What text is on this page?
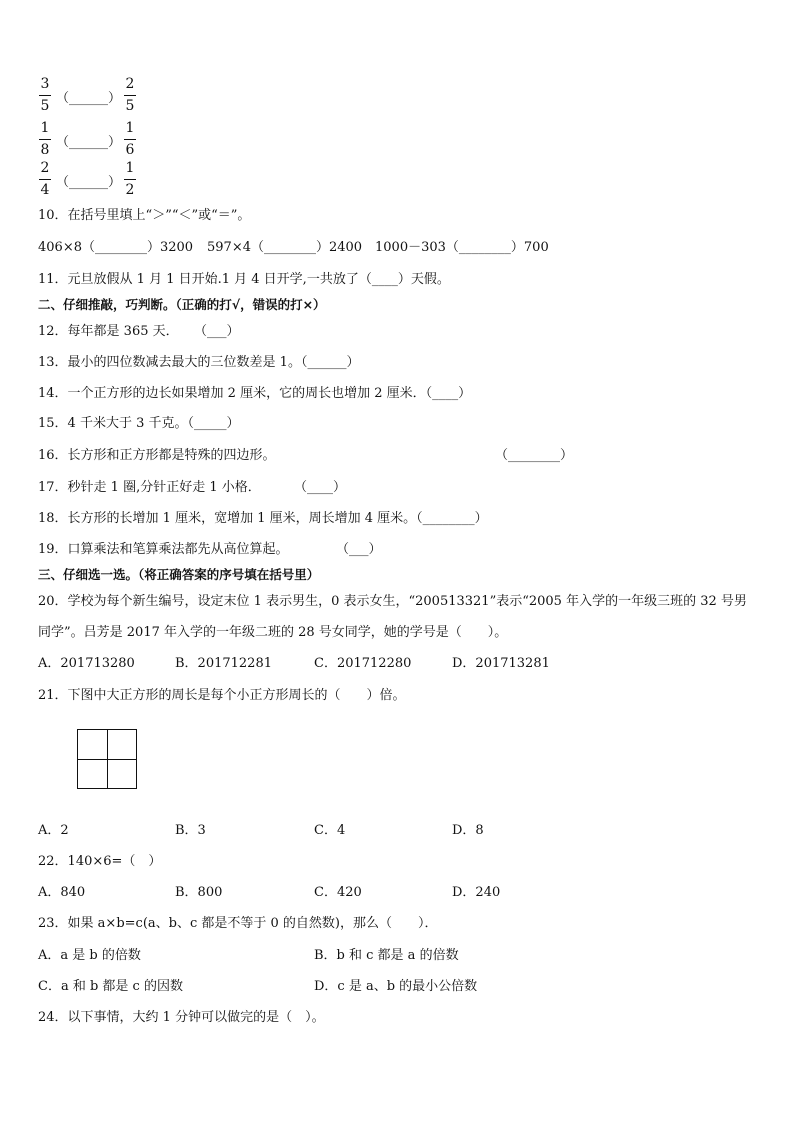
3
5 （______）
2
5
1
8 （______）
1
6
2
4 （______）
1
2
10．在括号里填上“＞”“＜”或“＝”。
406×8（________）3200 597×4（________）2400 1000－303（________）700
11．元旦放假从 1 月 1 日开始.1 月 4 日开学,一共放了（____）天假。
二、仔细推敲，巧判断。（正确的打√，错误的打×）
12．每年都是 365 天． （___）
13．最小的四位数减去最大的三位数差是 1。（______）
14．一个正方形的边长如果增加 2 厘米，它的周长也增加 2 厘米．（____）
15．4 千米大于 3 千克。（_____）
16．长方形和正方形都是特殊的四边形。	（________）
17．秒针走 1 圈,分针正好走 1 小格．	（____）
18．长方形的长增加 1 厘米，宽增加 1 厘米，周长增加 4 厘米。（________）
19．口算乘法和笔算乘法都先从高位算起。	（___）
三、仔细选一选。（将正确答案的序号填在括号里）
20．学校为每个新生编号，设定末位 1 表示男生，0 表示女生，“200513321”表示“2005 年入学的一年级三班的 32 号男
同学”。吕芳是 2017 年入学的一年级二班的 28 号女同学，她的学号是（　　）。
A．201713280	B．201712281	C．201712280	D．201713281
21．下图中大正方形的周长是每个小正方形周长的（　　）倍。
A．2	B．3	C．4	D．8
22．140×6=（　）
A．840	B．800	C．420	D．240
23．如果 a×b=c(a、b、c 都是不等于 0 的自然数)，那么（　　）．
A．a 是 b 的倍数	B．b 和 c 都是 a 的倍数
C．a 和 b 都是 c 的因数	D．c 是 a、b 的最小公倍数
24．以下事情，大约 1 分钟可以做完的是（　）。
